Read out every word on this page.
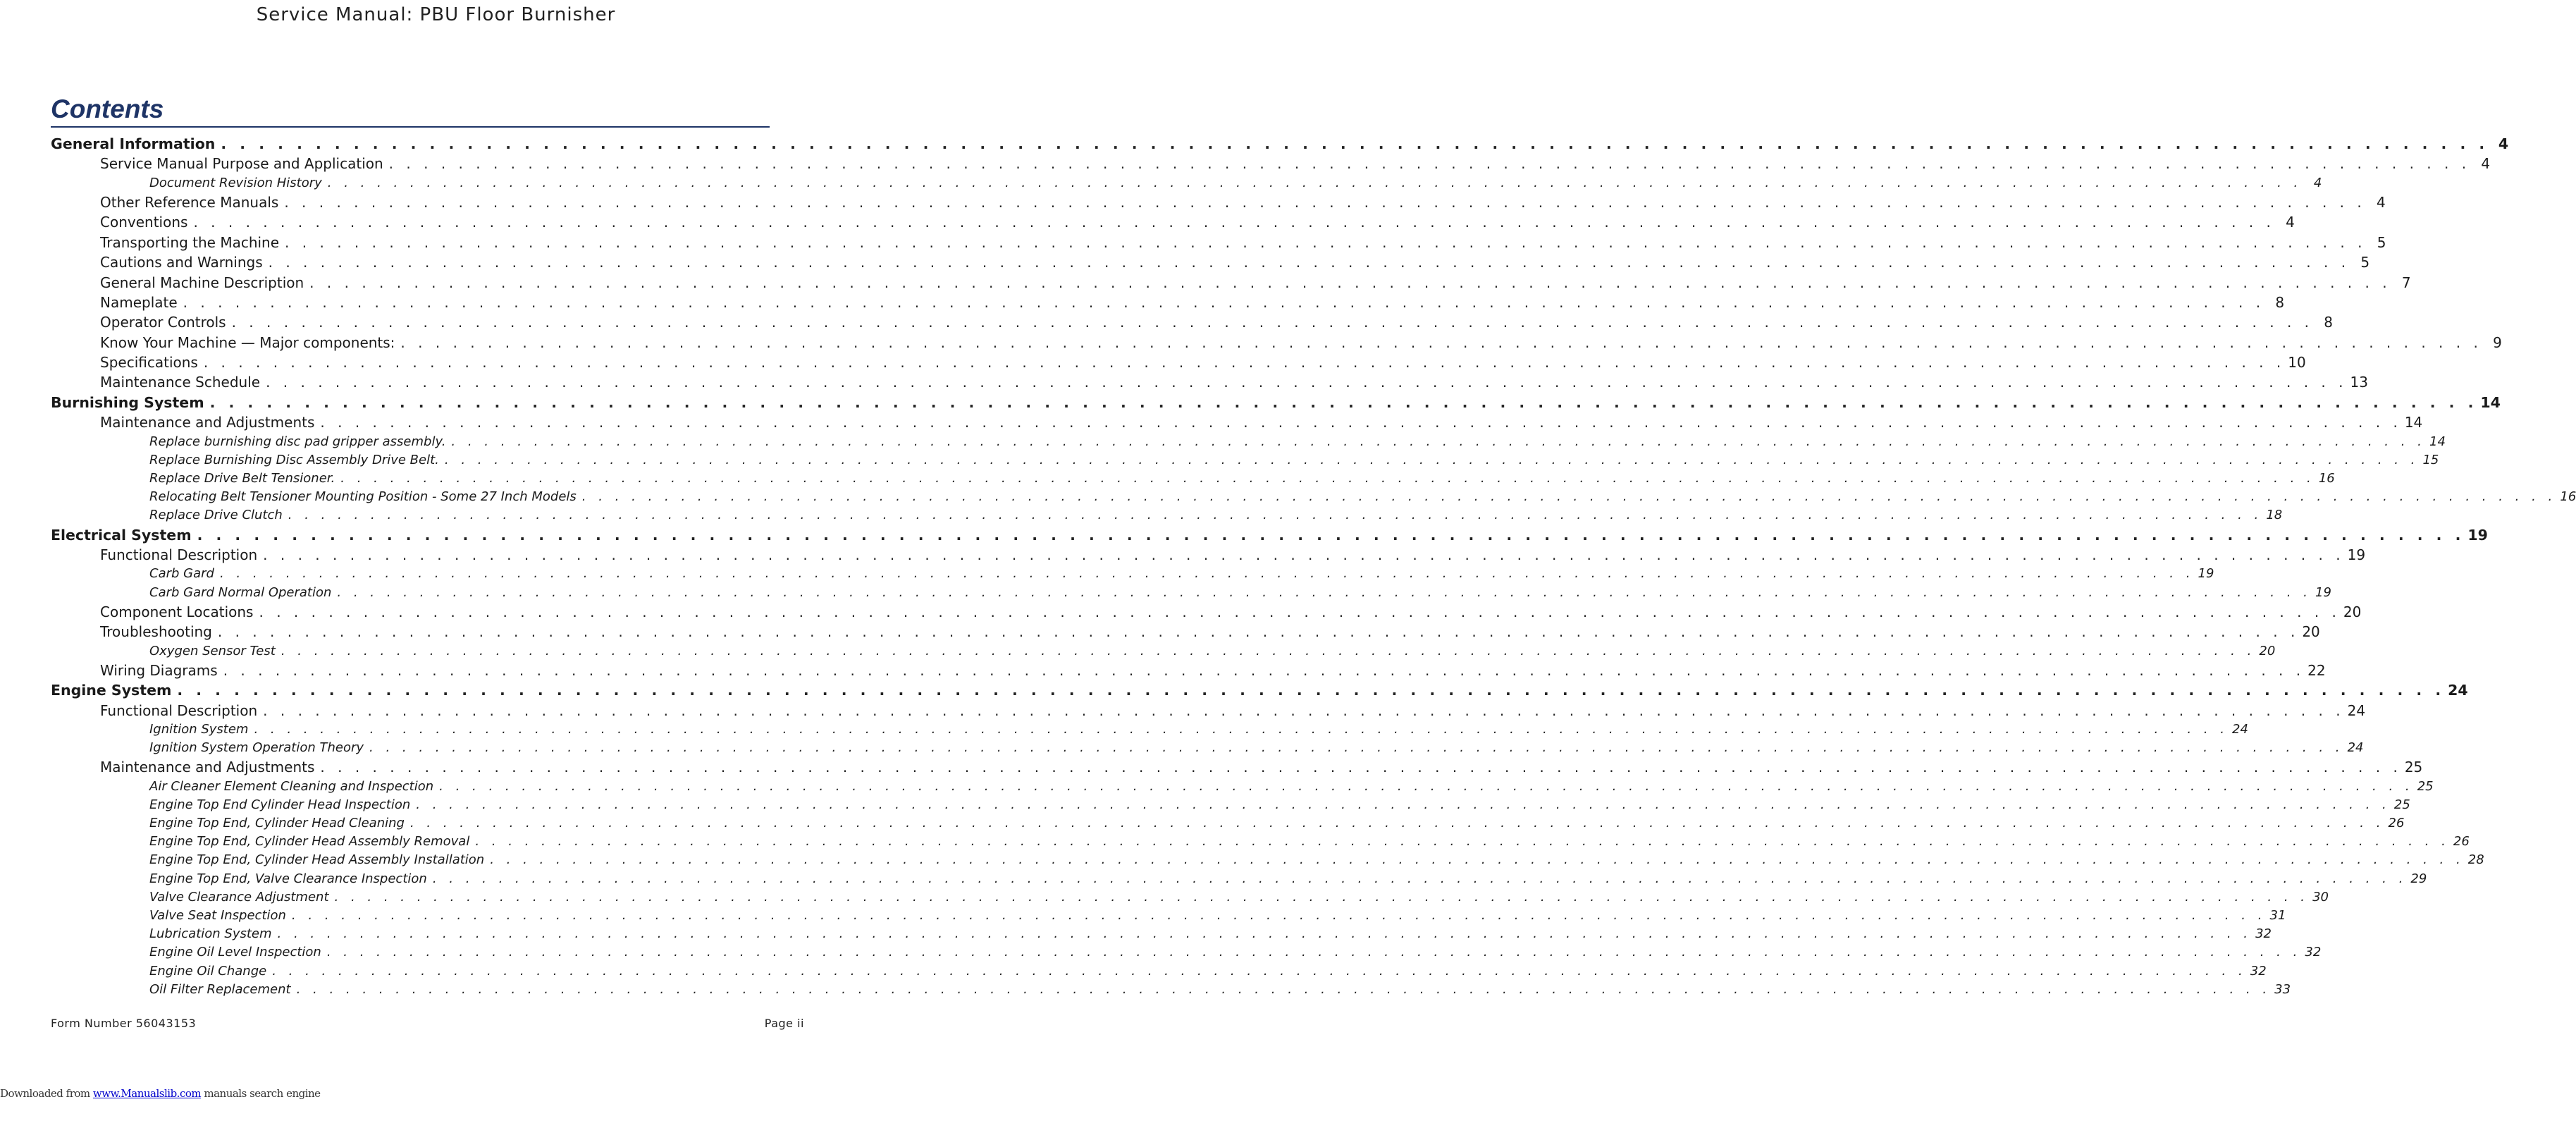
Service Manual: PBU Floor Burnisher
Contents
General Information . . . . . . . . . . . . . . . . . . . . . . . . . . . . . . . . . . . . . . . . . . . . . . . . . . . . . . . . . . . . . . . . . . . . . . . . . . . . . . . . . . . . . . . . . . . . . . . . . . . . . . . . . . . . . . . . . . . . . . . . 4
Service Manual Purpose and Application . . . . . . . . . . . . . . . . . . . . . . . . . . . . . . . . . . . . . . . . . . . . . . . . . . . . . . . . . . . . . . . . . . . . . . . . . . . . . . . . . . . . . . . . . . . . . . . . . . . . . . . . . . . . . . . . . . . . . . . . 4
Document Revision History . . . . . . . . . . . . . . . . . . . . . . . . . . . . . . . . . . . . . . . . . . . . . . . . . . . . . . . . . . . . . . . . . . . . . . . . . . . . . . . . . . . . . . . . . . . . . . . . . . . . . . . . . . . . . . . . . . . . . . . . 4
Other Reference Manuals . . . . . . . . . . . . . . . . . . . . . . . . . . . . . . . . . . . . . . . . . . . . . . . . . . . . . . . . . . . . . . . . . . . . . . . . . . . . . . . . . . . . . . . . . . . . . . . . . . . . . . . . . . . . . . . . . . . . . . . . 4
Conventions . . . . . . . . . . . . . . . . . . . . . . . . . . . . . . . . . . . . . . . . . . . . . . . . . . . . . . . . . . . . . . . . . . . . . . . . . . . . . . . . . . . . . . . . . . . . . . . . . . . . . . . . . . . . . . . . . . . . . . . . 4
Transporting the Machine . . . . . . . . . . . . . . . . . . . . . . . . . . . . . . . . . . . . . . . . . . . . . . . . . . . . . . . . . . . . . . . . . . . . . . . . . . . . . . . . . . . . . . . . . . . . . . . . . . . . . . . . . . . . . . . . . . . . . . . . 5
Cautions and Warnings . . . . . . . . . . . . . . . . . . . . . . . . . . . . . . . . . . . . . . . . . . . . . . . . . . . . . . . . . . . . . . . . . . . . . . . . . . . . . . . . . . . . . . . . . . . . . . . . . . . . . . . . . . . . . . . . . . . . . . . . 5
General Machine Description . . . . . . . . . . . . . . . . . . . . . . . . . . . . . . . . . . . . . . . . . . . . . . . . . . . . . . . . . . . . . . . . . . . . . . . . . . . . . . . . . . . . . . . . . . . . . . . . . . . . . . . . . . . . . . . . . . . . . . . . 7
Nameplate . . . . . . . . . . . . . . . . . . . . . . . . . . . . . . . . . . . . . . . . . . . . . . . . . . . . . . . . . . . . . . . . . . . . . . . . . . . . . . . . . . . . . . . . . . . . . . . . . . . . . . . . . . . . . . . . . . . . . . . . 8
Operator Controls . . . . . . . . . . . . . . . . . . . . . . . . . . . . . . . . . . . . . . . . . . . . . . . . . . . . . . . . . . . . . . . . . . . . . . . . . . . . . . . . . . . . . . . . . . . . . . . . . . . . . . . . . . . . . . . . . . . . . . . . 8
Know Your Machine — Major components: . . . . . . . . . . . . . . . . . . . . . . . . . . . . . . . . . . . . . . . . . . . . . . . . . . . . . . . . . . . . . . . . . . . . . . . . . . . . . . . . . . . . . . . . . . . . . . . . . . . . . . . . . . . . . . . . . . . . . . . . 9
Specifications . . . . . . . . . . . . . . . . . . . . . . . . . . . . . . . . . . . . . . . . . . . . . . . . . . . . . . . . . . . . . . . . . . . . . . . . . . . . . . . . . . . . . . . . . . . . . . . . . . . . . . . . . . . . . . . . . . . . . . . . 10
Maintenance Schedule . . . . . . . . . . . . . . . . . . . . . . . . . . . . . . . . . . . . . . . . . . . . . . . . . . . . . . . . . . . . . . . . . . . . . . . . . . . . . . . . . . . . . . . . . . . . . . . . . . . . . . . . . . . . . . . . . . . . . . . . 13
Burnishing System . . . . . . . . . . . . . . . . . . . . . . . . . . . . . . . . . . . . . . . . . . . . . . . . . . . . . . . . . . . . . . . . . . . . . . . . . . . . . . . . . . . . . . . . . . . . . . . . . . . . . . . . . . . . . . . . . . . . . . . . 14
Maintenance and Adjustments . . . . . . . . . . . . . . . . . . . . . . . . . . . . . . . . . . . . . . . . . . . . . . . . . . . . . . . . . . . . . . . . . . . . . . . . . . . . . . . . . . . . . . . . . . . . . . . . . . . . . . . . . . . . . . . . . . . . . . . . 14
Replace burnishing disc pad gripper assembly. . . . . . . . . . . . . . . . . . . . . . . . . . . . . . . . . . . . . . . . . . . . . . . . . . . . . . . . . . . . . . . . . . . . . . . . . . . . . . . . . . . . . . . . . . . . . . . . . . . . . . . . . . . . . . . . . . . . . . . . . 14
Replace Burnishing Disc Assembly Drive Belt. . . . . . . . . . . . . . . . . . . . . . . . . . . . . . . . . . . . . . . . . . . . . . . . . . . . . . . . . . . . . . . . . . . . . . . . . . . . . . . . . . . . . . . . . . . . . . . . . . . . . . . . . . . . . . . . . . . . . . . . . 15
Replace Drive Belt Tensioner. . . . . . . . . . . . . . . . . . . . . . . . . . . . . . . . . . . . . . . . . . . . . . . . . . . . . . . . . . . . . . . . . . . . . . . . . . . . . . . . . . . . . . . . . . . . . . . . . . . . . . . . . . . . . . . . . . . . . . . . . 16
Relocating Belt Tensioner Mounting Position - Some 27 Inch Models . . . . . . . . . . . . . . . . . . . . . . . . . . . . . . . . . . . . . . . . . . . . . . . . . . . . . . . . . . . . . . . . . . . . . . . . . . . . . . . . . . . . . . . . . . . . . . . . . . . . . . . . . . . . . . . . . . . . . . . . 16
Replace Drive Clutch . . . . . . . . . . . . . . . . . . . . . . . . . . . . . . . . . . . . . . . . . . . . . . . . . . . . . . . . . . . . . . . . . . . . . . . . . . . . . . . . . . . . . . . . . . . . . . . . . . . . . . . . . . . . . . . . . . . . . . . . 18
Electrical System . . . . . . . . . . . . . . . . . . . . . . . . . . . . . . . . . . . . . . . . . . . . . . . . . . . . . . . . . . . . . . . . . . . . . . . . . . . . . . . . . . . . . . . . . . . . . . . . . . . . . . . . . . . . . . . . . . . . . . . . 19
Functional Description . . . . . . . . . . . . . . . . . . . . . . . . . . . . . . . . . . . . . . . . . . . . . . . . . . . . . . . . . . . . . . . . . . . . . . . . . . . . . . . . . . . . . . . . . . . . . . . . . . . . . . . . . . . . . . . . . . . . . . . . 19
Carb Gard . . . . . . . . . . . . . . . . . . . . . . . . . . . . . . . . . . . . . . . . . . . . . . . . . . . . . . . . . . . . . . . . . . . . . . . . . . . . . . . . . . . . . . . . . . . . . . . . . . . . . . . . . . . . . . . . . . . . . . . . 19
Carb Gard Normal Operation . . . . . . . . . . . . . . . . . . . . . . . . . . . . . . . . . . . . . . . . . . . . . . . . . . . . . . . . . . . . . . . . . . . . . . . . . . . . . . . . . . . . . . . . . . . . . . . . . . . . . . . . . . . . . . . . . . . . . . . . 19
Component Locations . . . . . . . . . . . . . . . . . . . . . . . . . . . . . . . . . . . . . . . . . . . . . . . . . . . . . . . . . . . . . . . . . . . . . . . . . . . . . . . . . . . . . . . . . . . . . . . . . . . . . . . . . . . . . . . . . . . . . . . . 20
Troubleshooting . . . . . . . . . . . . . . . . . . . . . . . . . . . . . . . . . . . . . . . . . . . . . . . . . . . . . . . . . . . . . . . . . . . . . . . . . . . . . . . . . . . . . . . . . . . . . . . . . . . . . . . . . . . . . . . . . . . . . . . . 20
Oxygen Sensor Test . . . . . . . . . . . . . . . . . . . . . . . . . . . . . . . . . . . . . . . . . . . . . . . . . . . . . . . . . . . . . . . . . . . . . . . . . . . . . . . . . . . . . . . . . . . . . . . . . . . . . . . . . . . . . . . . . . . . . . . . 20
Wiring Diagrams . . . . . . . . . . . . . . . . . . . . . . . . . . . . . . . . . . . . . . . . . . . . . . . . . . . . . . . . . . . . . . . . . . . . . . . . . . . . . . . . . . . . . . . . . . . . . . . . . . . . . . . . . . . . . . . . . . . . . . . . 22
Engine System . . . . . . . . . . . . . . . . . . . . . . . . . . . . . . . . . . . . . . . . . . . . . . . . . . . . . . . . . . . . . . . . . . . . . . . . . . . . . . . . . . . . . . . . . . . . . . . . . . . . . . . . . . . . . . . . . . . . . . . . 24
Functional Description . . . . . . . . . . . . . . . . . . . . . . . . . . . . . . . . . . . . . . . . . . . . . . . . . . . . . . . . . . . . . . . . . . . . . . . . . . . . . . . . . . . . . . . . . . . . . . . . . . . . . . . . . . . . . . . . . . . . . . . . 24
Ignition System . . . . . . . . . . . . . . . . . . . . . . . . . . . . . . . . . . . . . . . . . . . . . . . . . . . . . . . . . . . . . . . . . . . . . . . . . . . . . . . . . . . . . . . . . . . . . . . . . . . . . . . . . . . . . . . . . . . . . . . . 24
Ignition System Operation Theory . . . . . . . . . . . . . . . . . . . . . . . . . . . . . . . . . . . . . . . . . . . . . . . . . . . . . . . . . . . . . . . . . . . . . . . . . . . . . . . . . . . . . . . . . . . . . . . . . . . . . . . . . . . . . . . . . . . . . . . . 24
Maintenance and Adjustments . . . . . . . . . . . . . . . . . . . . . . . . . . . . . . . . . . . . . . . . . . . . . . . . . . . . . . . . . . . . . . . . . . . . . . . . . . . . . . . . . . . . . . . . . . . . . . . . . . . . . . . . . . . . . . . . . . . . . . . . 25
Air Cleaner Element Cleaning and Inspection . . . . . . . . . . . . . . . . . . . . . . . . . . . . . . . . . . . . . . . . . . . . . . . . . . . . . . . . . . . . . . . . . . . . . . . . . . . . . . . . . . . . . . . . . . . . . . . . . . . . . . . . . . . . . . . . . . . . . . . . 25
Engine Top End Cylinder Head Inspection . . . . . . . . . . . . . . . . . . . . . . . . . . . . . . . . . . . . . . . . . . . . . . . . . . . . . . . . . . . . . . . . . . . . . . . . . . . . . . . . . . . . . . . . . . . . . . . . . . . . . . . . . . . . . . . . . . . . . . . . 25
Engine Top End, Cylinder Head Cleaning . . . . . . . . . . . . . . . . . . . . . . . . . . . . . . . . . . . . . . . . . . . . . . . . . . . . . . . . . . . . . . . . . . . . . . . . . . . . . . . . . . . . . . . . . . . . . . . . . . . . . . . . . . . . . . . . . . . . . . . . 26
Engine Top End, Cylinder Head Assembly Removal . . . . . . . . . . . . . . . . . . . . . . . . . . . . . . . . . . . . . . . . . . . . . . . . . . . . . . . . . . . . . . . . . . . . . . . . . . . . . . . . . . . . . . . . . . . . . . . . . . . . . . . . . . . . . . . . . . . . . . . . 26
Engine Top End, Cylinder Head Assembly Installation . . . . . . . . . . . . . . . . . . . . . . . . . . . . . . . . . . . . . . . . . . . . . . . . . . . . . . . . . . . . . . . . . . . . . . . . . . . . . . . . . . . . . . . . . . . . . . . . . . . . . . . . . . . . . . . . . . . . . . . . 28
Engine Top End, Valve Clearance Inspection . . . . . . . . . . . . . . . . . . . . . . . . . . . . . . . . . . . . . . . . . . . . . . . . . . . . . . . . . . . . . . . . . . . . . . . . . . . . . . . . . . . . . . . . . . . . . . . . . . . . . . . . . . . . . . . . . . . . . . . . 29
Valve Clearance Adjustment . . . . . . . . . . . . . . . . . . . . . . . . . . . . . . . . . . . . . . . . . . . . . . . . . . . . . . . . . . . . . . . . . . . . . . . . . . . . . . . . . . . . . . . . . . . . . . . . . . . . . . . . . . . . . . . . . . . . . . . . 30
Valve Seat Inspection . . . . . . . . . . . . . . . . . . . . . . . . . . . . . . . . . . . . . . . . . . . . . . . . . . . . . . . . . . . . . . . . . . . . . . . . . . . . . . . . . . . . . . . . . . . . . . . . . . . . . . . . . . . . . . . . . . . . . . . . 31
Lubrication System . . . . . . . . . . . . . . . . . . . . . . . . . . . . . . . . . . . . . . . . . . . . . . . . . . . . . . . . . . . . . . . . . . . . . . . . . . . . . . . . . . . . . . . . . . . . . . . . . . . . . . . . . . . . . . . . . . . . . . . . 32
Engine Oil Level Inspection . . . . . . . . . . . . . . . . . . . . . . . . . . . . . . . . . . . . . . . . . . . . . . . . . . . . . . . . . . . . . . . . . . . . . . . . . . . . . . . . . . . . . . . . . . . . . . . . . . . . . . . . . . . . . . . . . . . . . . . . 32
Engine Oil Change . . . . . . . . . . . . . . . . . . . . . . . . . . . . . . . . . . . . . . . . . . . . . . . . . . . . . . . . . . . . . . . . . . . . . . . . . . . . . . . . . . . . . . . . . . . . . . . . . . . . . . . . . . . . . . . . . . . . . . . . 32
Oil Filter Replacement . . . . . . . . . . . . . . . . . . . . . . . . . . . . . . . . . . . . . . . . . . . . . . . . . . . . . . . . . . . . . . . . . . . . . . . . . . . . . . . . . . . . . . . . . . . . . . . . . . . . . . . . . . . . . . . . . . . . . . . . 33
Form Number 56043153	Page ii
Downloaded from www.Manualslib.com manuals search engine
